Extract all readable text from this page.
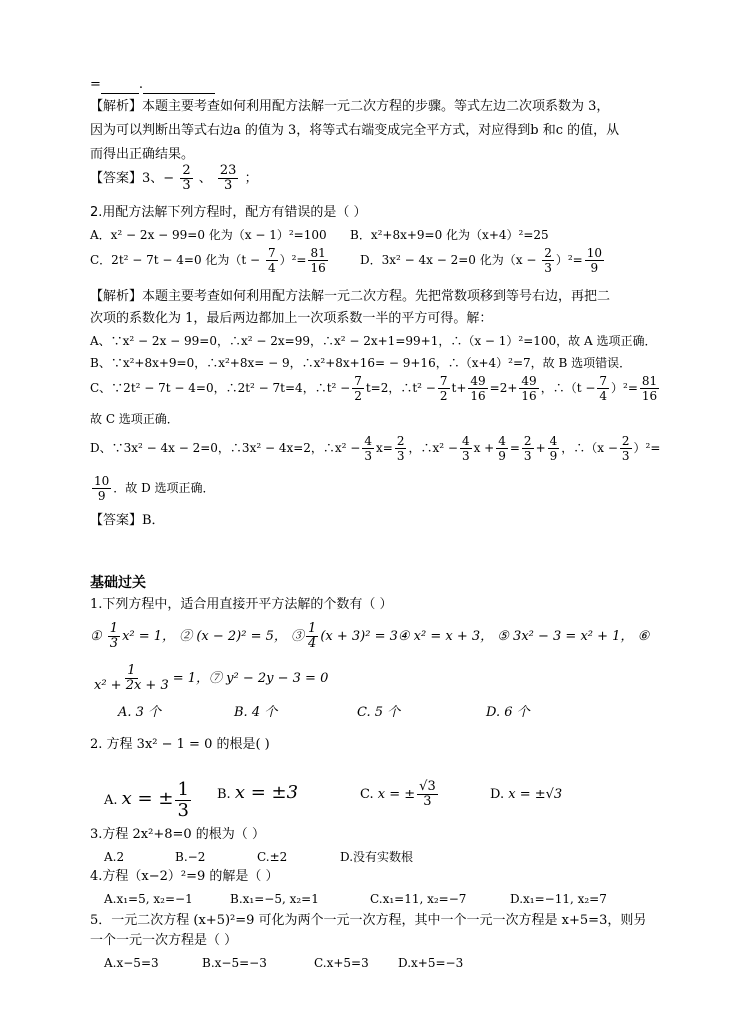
=	.
【解析】本题主要考查如何利用配方法解一元二次方程的步骤。等式左边二次项系数为 3，
因为可以判断出等式右边a 的值为 3，将等式右端变成完全平方式，对应得到b 和c 的值，从
而得出正确结果。
【答案】3、− $\frac{2}{3}$ 、 $\frac{23}{3}$ ；
2.用配方法解下列方程时，配方有错误的是（ ）
A．x² − 2x − 99=0 化为（x − 1）²=100 B．x²+8x+9=0 化为（x+4）²=25
C．2t² − 7t − 4=0 化为$(t - \frac{7}{4} )^2= \frac{81}{16}$	D．3x² − 4x − 2=0 化为$(x - \frac{2}{3} )^2= \frac{10}{9}$
【解析】本题主要考查如何利用配方法解一元二次方程。先把常数项移到等号右边，再把二
次项的系数化为 1，最后两边都加上一次项系数一半的平方可得。解：
A、∵x² − 2x − 99=0，∴x² − 2x=99，∴x² − 2x+1=99+1，∴（x − 1）²=100，故 A 选项正确．
B、∵x²+8x+9=0，∴x²+8x= − 9，∴x²+8x+16= − 9+16，∴（x+4）²=7，故 B 选项错误．
C、∵2t² − 7t − 4=0，∴2t² − 7t=4，∴t² − $\frac{7}{2} t=2$，∴t² − $\frac{7}{2} t+ \frac{49}{16} =2+ \frac{49}{16}$ ，∴（t − $\frac{7}{4} )^2= \frac{81}{16}$
故 C 选项正确．
D、∵3x² − 4x − 2=0，∴3x² − 4x=2，∴x² − $\frac{4}{3} x= \frac{2}{3}$ ，∴x² − $\frac{4}{3}$ $x + \frac{4}{9} = \frac{2}{3} + \frac{4}{9}$ ，∴（x − $\frac{2}{3} )^2=$
$\frac{10}{9}$ ．故 D 选项正确．
【答案】B．
基础过关
1.下列方程中，适合用直接开平方法解的个数有（ ）
① $\frac{1}{3} x^2 = 1$， ② (x − 2)² = 5， ③ $\frac{1}{4} (x + 3)^2$ = 3④ x² = x + 3， ⑤ 3x² − 3 = x² + 1， ⑥
$\frac{1}{\text{x² + 2x + 3}} = 1$，⑦ y² − 2y − 3 = 0
A. 3 个	B. 4 个	C. 5 个	D. 6 个
2. 方程 3x² − 1 = 0 的根是( )
A. x = ± $\frac{1}{3} B$. x = ±3	C. x = ± $\frac{√3}{3}$	D. x = ±√3
3.方程 2x²+8=0 的根为（ ）
A.2	B.−2	C.±2	D.没有实数根
4.方程（x−2）²=9 的解是（ ）
A.x₁=5, x₂=−1	B.x₁=−5, x₂=1	C.x₁=11, x₂=−7	D.x₁=−11, x₂=7
5．一元二次方程 (x+5)²=9 可化为两个一元一次方程，其中一个一元一次方程是 x+5=3，则另
一个一元一次方程是（ ）
A.x−5=3	B.x−5=−3	C.x+5=3 D.x+5=−3
